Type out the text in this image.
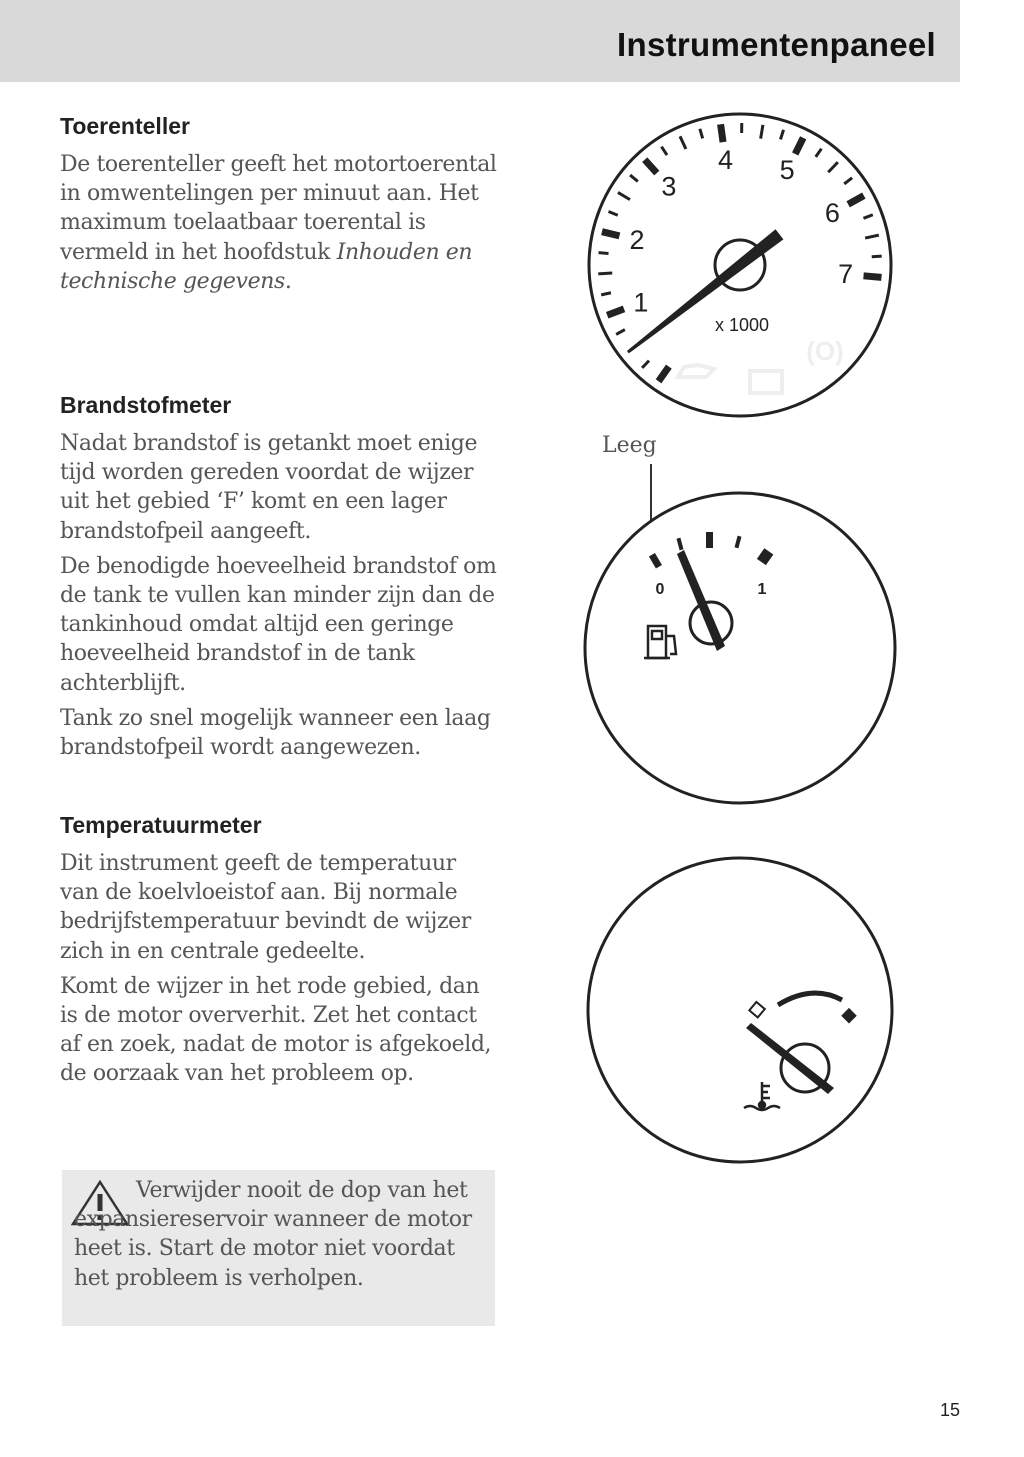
Instrumentenpaneel
Toerenteller

De toerenteller geeft het motortoerental in omwentelingen per minuut aan. Het maximum toelaatbaar toerental is vermeld in het hoofdstuk Inhouden en technische gegevens.

Brandstofmeter

Nadat brandstof is getankt moet enige tijd worden gereden voordat de wijzer uit het gebied ‘F’ komt en een lager brandstofpeil aangeeft.

De benodigde hoeveelheid brandstof om de tank te vullen kan minder zijn dan de tankinhoud omdat altijd een geringe hoeveelheid brandstof in de tank achterblijft.

Tank zo snel mogelijk wanneer een laag brandstofpeil wordt aangewezen.

Temperatuurmeter

Dit instrument geeft de temperatuur van de koelvloeistof aan. Bij normale bedrijfstemperatuur bevindt de wijzer zich in en centrale gedeelte.

Komt de wijzer in het rode gebied, dan is de motor oververhit. Zet het contact af en zoek, nadat de motor is afgekoeld, de oorzaak van het probleem op.

Verwijder nooit de dop van het expansiereservoir wanneer de motor heet is. Start de motor niet voordat het probleem is verholpen.

1
2
3
4 5
6
7
x 1000
(O)
Leeg
0	1
15
